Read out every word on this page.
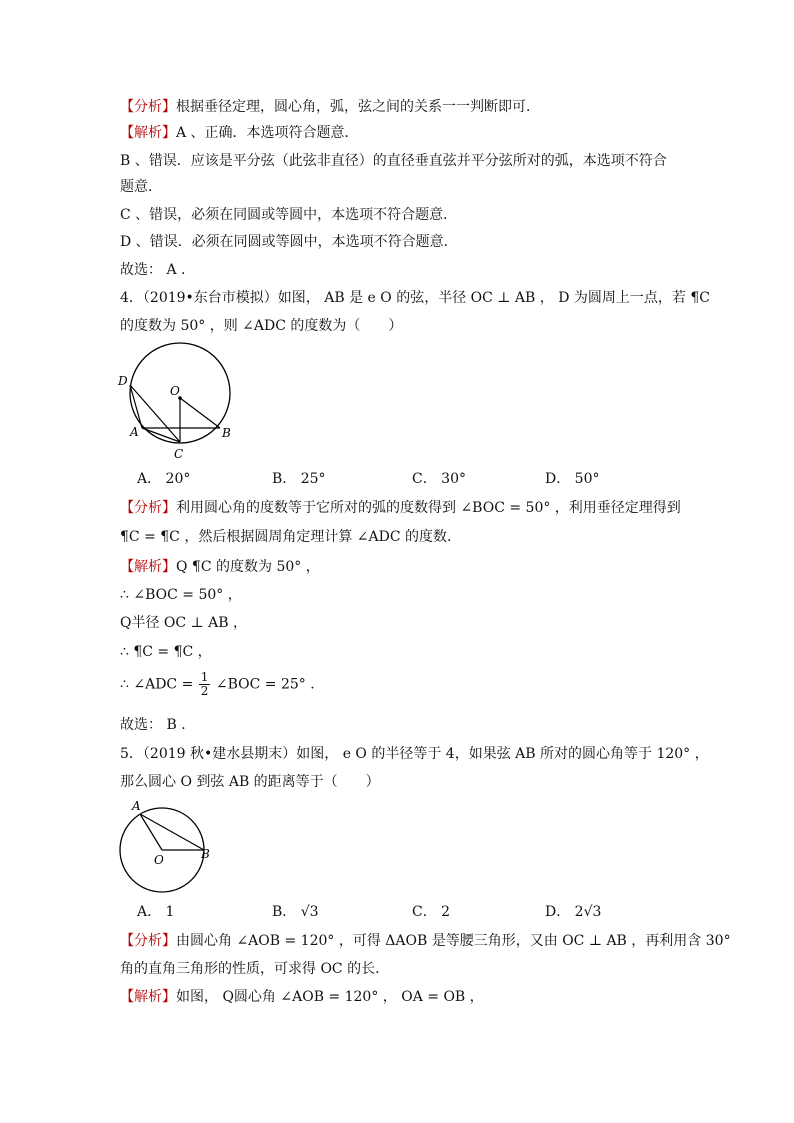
【分析】根据垂径定理，圆心角，弧，弦之间的关系一一判断即可．
【解析】A 、正确．本选项符合题意．
B 、错误．应该是平分弦（此弦非直径）的直径垂直弦并平分弦所对的弧，本选项不符合
题意．
C 、错误，必须在同圆或等圆中，本选项不符合题意．
D 、错误．必须在同圆或等圆中，本选项不符合题意．
故选： A ．
4．（2019•东台市模拟）如图， AB 是 e O 的弦，半径 OC ⊥ AB ， D 为圆周上一点，若 ¶C
的度数为 50° ，则 ∠ADC 的度数为（　　）
D
O
A	B
C
A． 20°	B． 25°	C． 30°	D． 50°
【分析】利用圆心角的度数等于它所对的弧的度数得到 ∠BOC = 50° ，利用垂径定理得到
¶C = ¶C ，然后根据圆周角定理计算 ∠ADC 的度数．
【解析】Q ¶C 的度数为 50° ，
∴ ∠BOC = 50° ，
Q半径 OC ⊥ AB ，
∴ ¶C = ¶C ，
∴ ∠ADC = $\frac{1}{2}$ ∠BOC = 25° ．
故选： B ．
5．（2019 秋•建水县期末）如图， e O 的半径等于 4，如果弦 AB 所对的圆心角等于 120° ，
那么圆心 O 到弦 AB 的距离等于（　　）
A
O	B
A． 1	B． √3	C． 2	D． 2√3
【分析】由圆心角 ∠AOB = 120° ，可得 ΔAOB 是等腰三角形，又由 OC ⊥ AB ，再利用含 30°
角的直角三角形的性质，可求得 OC 的长．
【解析】如图， Q圆心角 ∠AOB = 120° ， OA = OB ，
